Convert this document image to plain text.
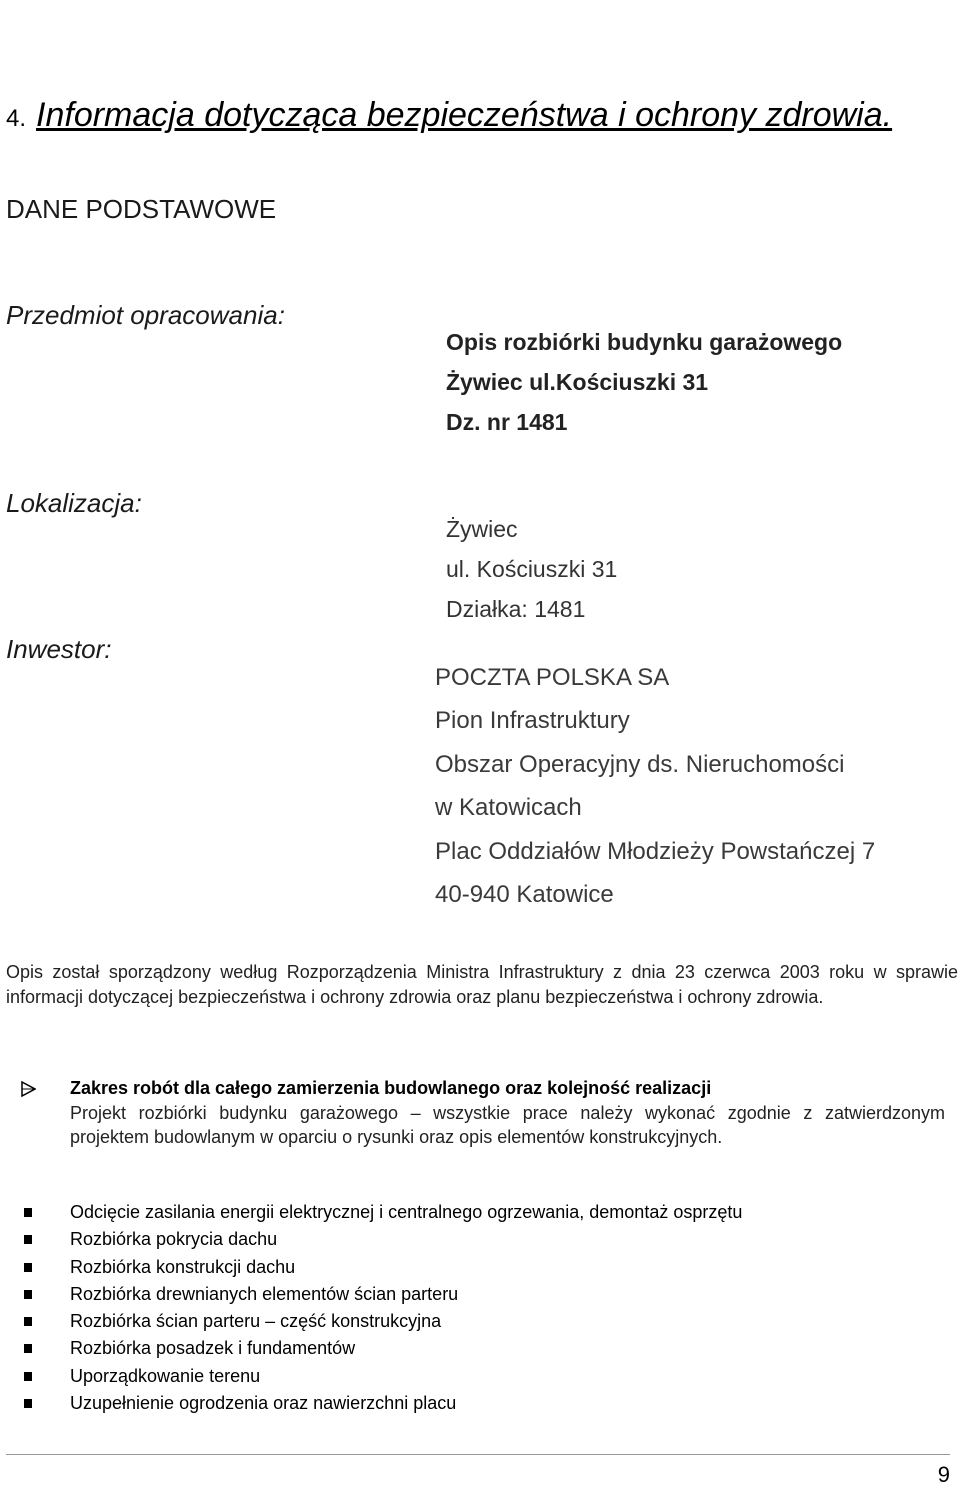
4. Informacja dotycząca bezpieczeństwa i ochrony zdrowia.
DANE PODSTAWOWE
Przedmiot opracowania:
Opis rozbiórki budynku garażowego
Żywiec ul.Kościuszki 31
Dz. nr 1481
Lokalizacja:
Żywiec
ul. Kościuszki 31
Działka: 1481
Inwestor:
POCZTA POLSKA SA
Pion Infrastruktury
Obszar Operacyjny ds. Nieruchomości
w Katowicach
Plac Oddziałów Młodzieży Powstańczej 7
40-940 Katowice
Opis został sporządzony według Rozporządzenia Ministra Infrastruktury z dnia 23 czerwca 2003 roku w sprawie informacji dotyczącej bezpieczeństwa i ochrony zdrowia oraz planu bezpieczeństwa i ochrony zdrowia.
Zakres robót dla całego zamierzenia budowlanego oraz kolejność realizacji
Projekt rozbiórki budynku garażowego – wszystkie prace należy wykonać zgodnie z zatwierdzonym projektem budowlanym w oparciu o rysunki oraz opis elementów konstrukcyjnych.
Odcięcie zasilania energii elektrycznej i centralnego ogrzewania, demontaż osprzętu
Rozbiórka pokrycia dachu
Rozbiórka konstrukcji dachu
Rozbiórka drewnianych elementów ścian parteru
Rozbiórka ścian parteru – część konstrukcyjna
Rozbiórka posadzek i fundamentów
Uporządkowanie terenu
Uzupełnienie ogrodzenia oraz nawierzchni placu
9
